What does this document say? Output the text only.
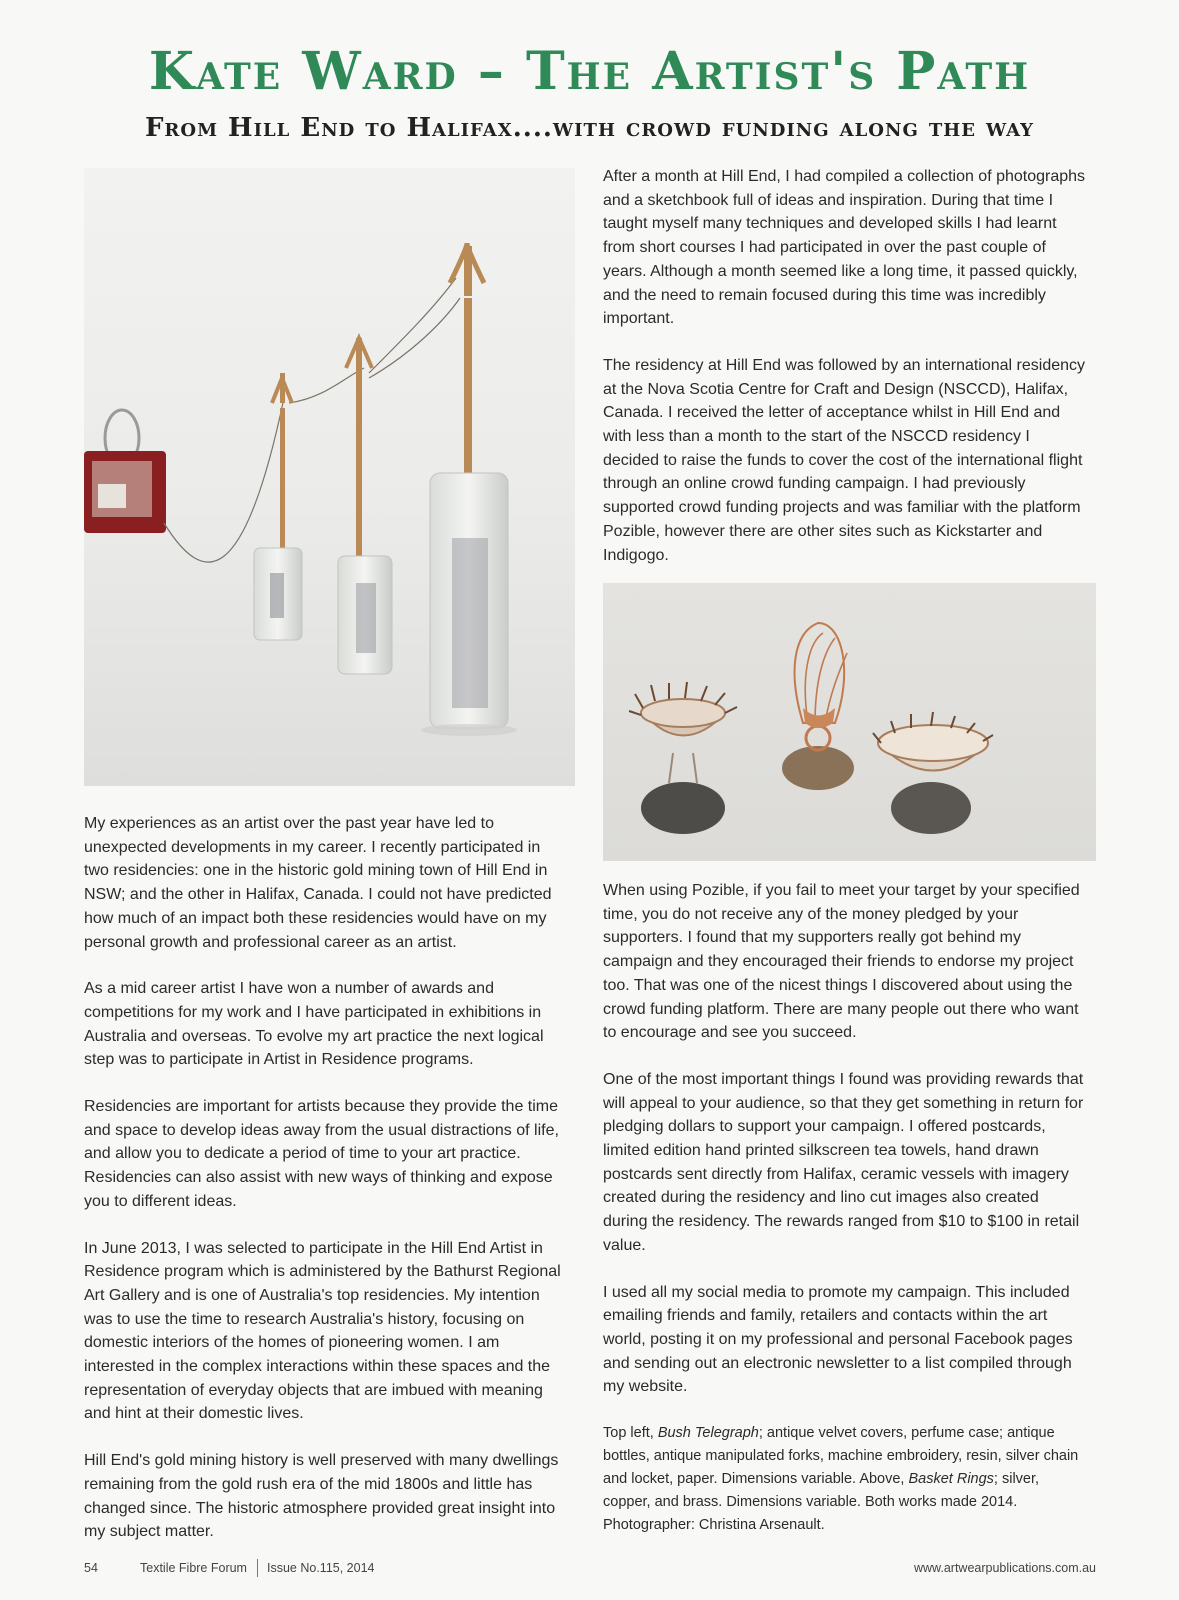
Kate Ward – The Artist's Path
From Hill End to Halifax....with crowd funding along the way

My experiences as an artist over the past year have led to unexpected developments in my career. I recently participated in two residencies: one in the historic gold mining town of Hill End in NSW; and the other in Halifax, Canada. I could not have predicted how much of an impact both these residencies would have on my personal growth and professional career as an artist.

As a mid career artist I have won a number of awards and competitions for my work and I have participated in exhibitions in Australia and overseas. To evolve my art practice the next logical step was to participate in Artist in Residence programs.

Residencies are important for artists because they provide the time and space to develop ideas away from the usual distractions of life, and allow you to dedicate a period of time to your art practice. Residencies can also assist with new ways of thinking and expose you to different ideas.

In June 2013, I was selected to participate in the Hill End Artist in Residence program which is administered by the Bathurst Regional Art Gallery and is one of Australia's top residencies. My intention was to use the time to research Australia's history, focusing on domestic interiors of the homes of pioneering women. I am interested in the complex interactions within these spaces and the representation of everyday objects that are imbued with meaning and hint at their domestic lives.

Hill End's gold mining history is well preserved with many dwellings remaining from the gold rush era of the mid 1800s and little has changed since. The historic atmosphere provided great insight into my subject matter.

After a month at Hill End, I had compiled a collection of photographs and a sketchbook full of ideas and inspiration. During that time I taught myself many techniques and developed skills I had learnt from short courses I had participated in over the past couple of years. Although a month seemed like a long time, it passed quickly, and the need to remain focused during this time was incredibly important.

The residency at Hill End was followed by an international residency at the Nova Scotia Centre for Craft and Design (NSCCD), Halifax, Canada. I received the letter of acceptance whilst in Hill End and with less than a month to the start of the NSCCD residency I decided to raise the funds to cover the cost of the international flight through an online crowd funding campaign. I had previously supported crowd funding projects and was familiar with the platform Pozible, however there are other sites such as Kickstarter and Indigogo.

When using Pozible, if you fail to meet your target by your specified time, you do not receive any of the money pledged by your supporters. I found that my supporters really got behind my campaign and they encouraged their friends to endorse my project too. That was one of the nicest things I discovered about using the crowd funding platform. There are many people out there who want to encourage and see you succeed.

One of the most important things I found was providing rewards that will appeal to your audience, so that they get something in return for pledging dollars to support your campaign. I offered postcards, limited edition hand printed silkscreen tea towels, hand drawn postcards sent directly from Halifax, ceramic vessels with imagery created during the residency and lino cut images also created during the residency. The rewards ranged from $10 to $100 in retail value.

I used all my social media to promote my campaign. This included emailing friends and family, retailers and contacts within the art world, posting it on my professional and personal Facebook pages and sending out an electronic newsletter to a list compiled through my website.

Top left, Bush Telegraph; antique velvet covers, perfume case; antique bottles, antique manipulated forks, machine embroidery, resin, silver chain and locket, paper. Dimensions variable. Above, Basket Rings; silver, copper, and brass. Dimensions variable. Both works made 2014. Photographer: Christina Arsenault.

54	Textile Fibre Forum Issue No.115, 2014	www.artwearpublications.com.au
